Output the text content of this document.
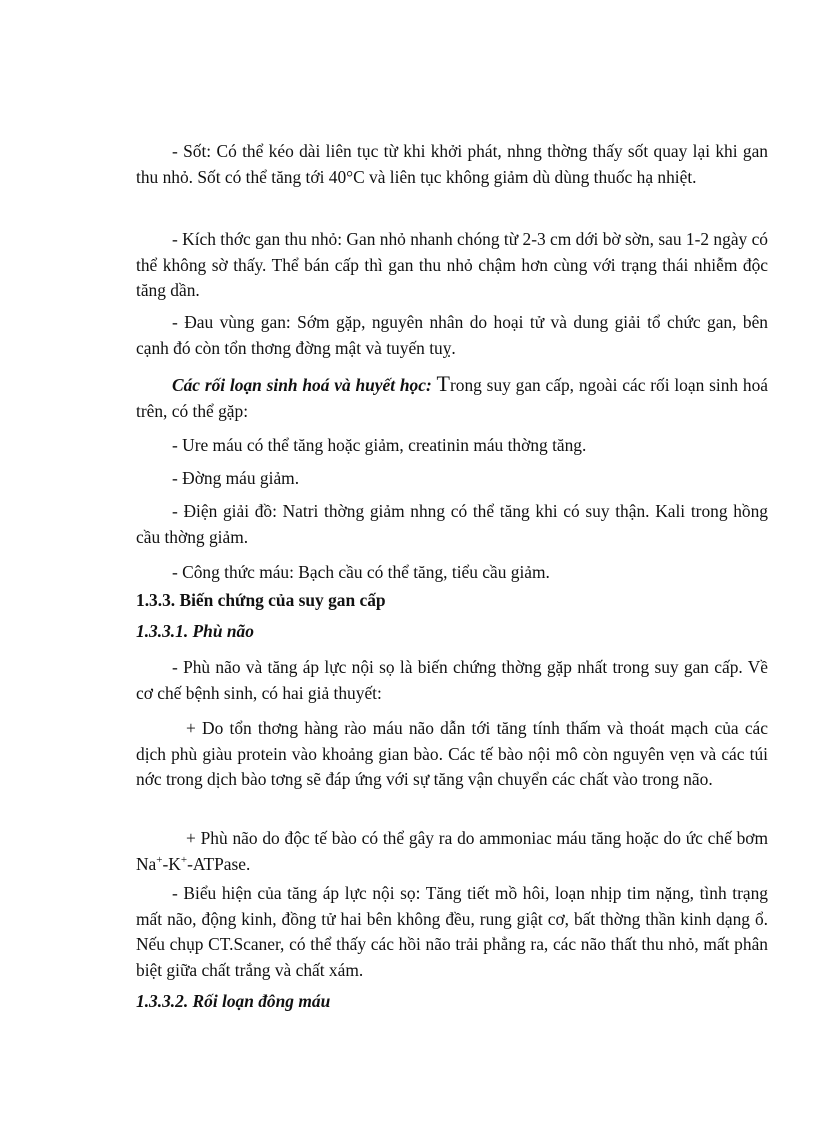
- Sốt: Có thể kéo dài liên tục từ khi khởi phát, nhng thờng thấy sốt quay lại khi gan thu nhỏ. Sốt có thể tăng tới 40°C và liên tục không giảm dù dùng thuốc hạ nhiệt.

- Kích thớc gan thu nhỏ: Gan nhỏ nhanh chóng từ 2-3 cm dới bờ sờn, sau 1-2 ngày có thể không sờ thấy. Thể bán cấp thì gan thu nhỏ chậm hơn cùng với trạng thái nhiễm độc tăng dần.

- Đau vùng gan: Sớm gặp, nguyên nhân do hoại tử và dung giải tổ chức gan, bên cạnh đó còn tổn thơng đờng mật và tuyến tuỵ.

Các rối loạn sinh hoá và huyết học: Trong suy gan cấp, ngoài các rối loạn sinh hoá trên, có thể gặp:

- Ure máu có thể tăng hoặc giảm, creatinin máu thờng tăng.

- Đờng máu giảm.

- Điện giải đồ: Natri thờng giảm nhng có thể tăng khi có suy thận. Kali trong hồng cầu thờng giảm.

- Công thức máu: Bạch cầu có thể tăng, tiểu cầu giảm.

1.3.3. Biến chứng của suy gan cấp

1.3.3.1. Phù não

- Phù não và tăng áp lực nội sọ là biến chứng thờng gặp nhất trong suy gan cấp. Về cơ chế bệnh sinh, có hai giả thuyết:

+ Do tổn thơng hàng rào máu não dẫn tới tăng tính thấm và thoát mạch của các dịch phù giàu protein vào khoảng gian bào. Các tế bào nội mô còn nguyên vẹn và các túi nớc trong dịch bào tơng sẽ đáp ứng với sự tăng vận chuyển các chất vào trong não.

+ Phù não do độc tế bào có thể gây ra do ammoniac máu tăng hoặc do ức chế bơm Na+-K+-ATPase.

- Biểu hiện của tăng áp lực nội sọ: Tăng tiết mồ hôi, loạn nhịp tim nặng, tình trạng mất não, động kinh, đồng tử hai bên không đều, rung giật cơ, bất thờng thần kinh dạng ổ. Nếu chụp CT.Scaner, có thể thấy các hồi não trải phẳng ra, các não thất thu nhỏ, mất phân biệt giữa chất trắng và chất xám.

1.3.3.2. Rối loạn đông máu
